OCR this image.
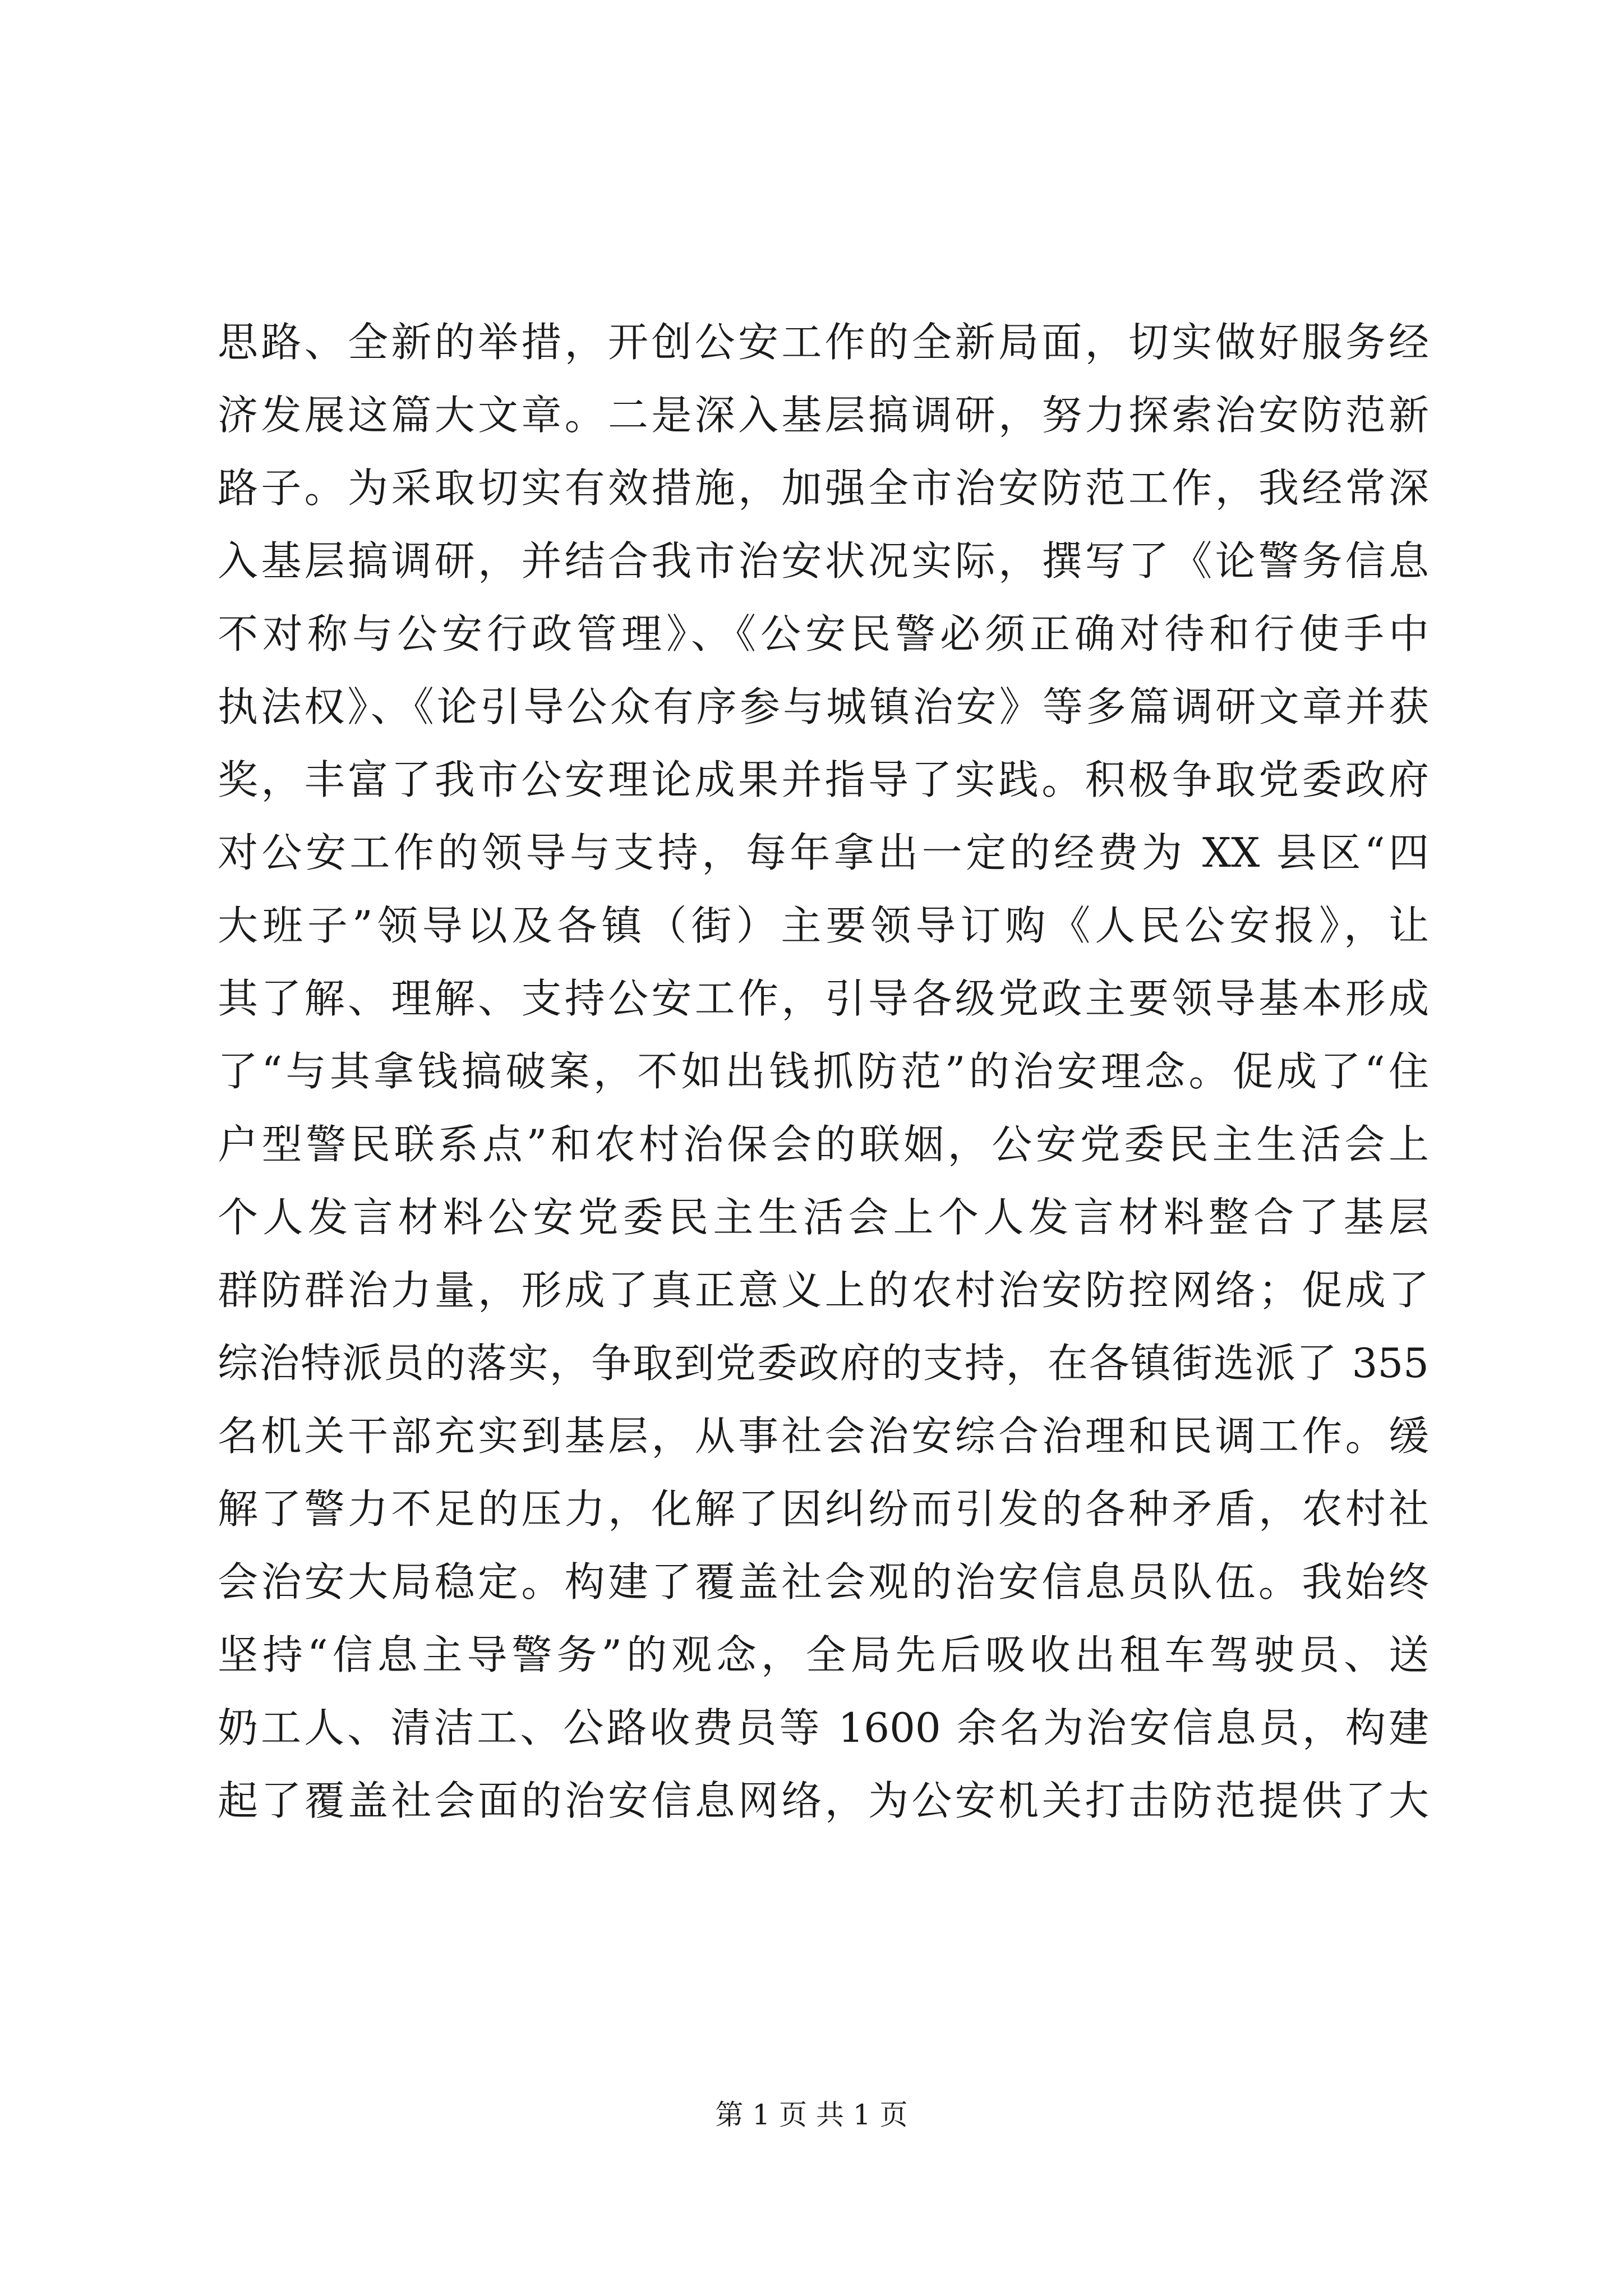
思路、全新的举措，开创公安工作的全新局面，切实做好服务经
济发展这篇大文章。二是深入基层搞调研，努力探索治安防范新
路子。为采取切实有效措施，加强全市治安防范工作，我经常深
入基层搞调研，并结合我市治安状况实际，撰写了《论警务信息
不对称与公安行政管理》、《公安民警必须正确对待和行使手中
执法权》、《论引导公众有序参与城镇治安》等多篇调研文章并获
奖，丰富了我市公安理论成果并指导了实践。积极争取党委政府
对公安工作的领导与支持，每年拿出一定的经费为 XX 县区“四
大班子”领导以及各镇（街）主要领导订购《人民公安报》，让
其了解、理解、支持公安工作，引导各级党政主要领导基本形成
了“与其拿钱搞破案，不如出钱抓防范”的治安理念。促成了“住
户型警民联系点”和农村治保会的联姻，公安党委民主生活会上
个人发言材料公安党委民主生活会上个人发言材料整合了基层
群防群治力量，形成了真正意义上的农村治安防控网络；促成了
综治特派员的落实，争取到党委政府的支持，在各镇街选派了 355
名机关干部充实到基层，从事社会治安综合治理和民调工作。缓
解了警力不足的压力，化解了因纠纷而引发的各种矛盾，农村社
会治安大局稳定。构建了覆盖社会观的治安信息员队伍。我始终
坚持“信息主导警务”的观念，全局先后吸收出租车驾驶员、送
奶工人、清洁工、公路收费员等 1600 余名为治安信息员，构建
起了覆盖社会面的治安信息网络，为公安机关打击防范提供了大
第 1 页 共 1 页
